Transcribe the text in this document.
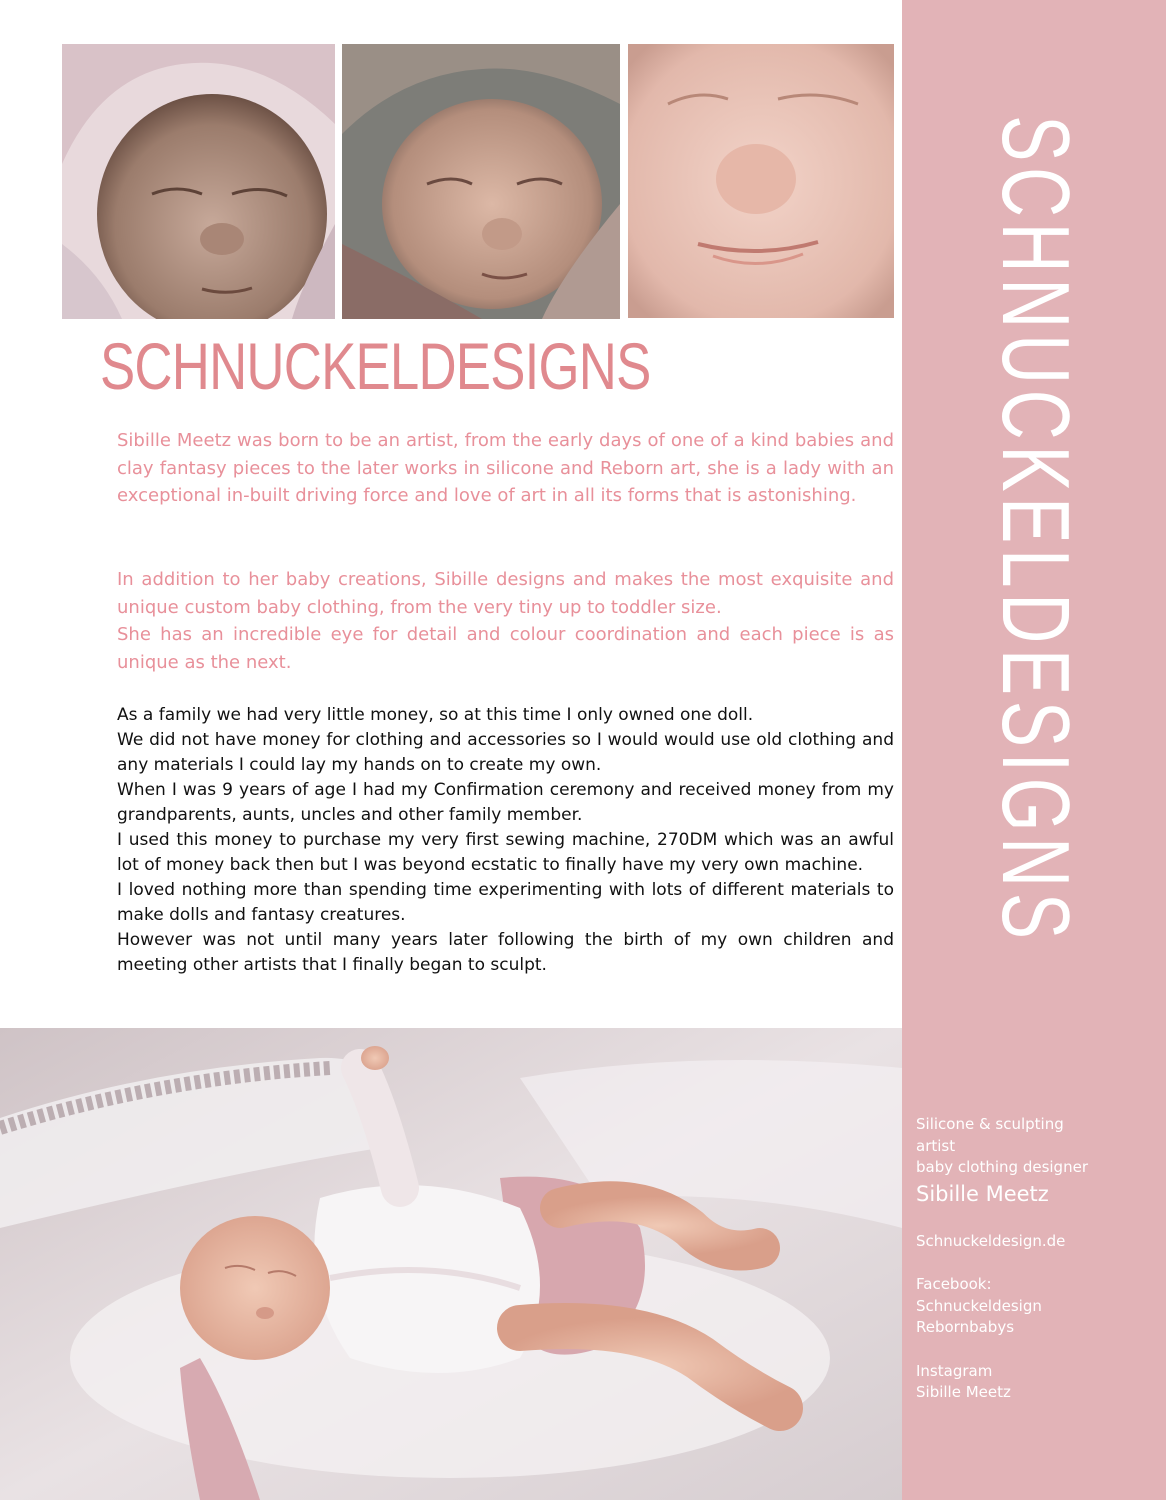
SCHNUCKELDESIGNS
Sibille Meetz was born to be an artist, from the early days of one of a kind babies and clay fantasy pieces to the later works in silicone and Reborn art, she is a lady with an exceptional in-built driving force and love of art in all its forms that is astonishing.

In addition to her baby creations, Sibille designs and makes the most exquisite and unique custom baby clothing, from the very tiny up to toddler size.

She has an incredible eye for detail and colour coordination and each piece is as unique as the next.

As a family we had very little money, so at this time I only owned one doll.

We did not have money for clothing and accessories so I would would use old clothing and any materials I could lay my hands on to create my own.

When I was 9 years of age I had my Confirmation ceremony and received money from my grandparents, aunts, uncles and other family member.

I used this money to purchase my very first sewing machine, 270DM which was an awful lot of money back then but I was beyond ecstatic to finally have my very own machine.

I loved nothing more than spending time experimenting with lots of different materials to make dolls and fantasy creatures.

However was not until many years later following the birth of my own children and meeting other artists that I finally began to sculpt.

SCHNUCKELDESIGNS
Silicone & sculpting
artist
baby clothing designer
Sibille Meetz
Schnuckeldesign.de
Facebook:
Schnuckeldesign
Rebornbabys
Instagram
Sibille Meetz
